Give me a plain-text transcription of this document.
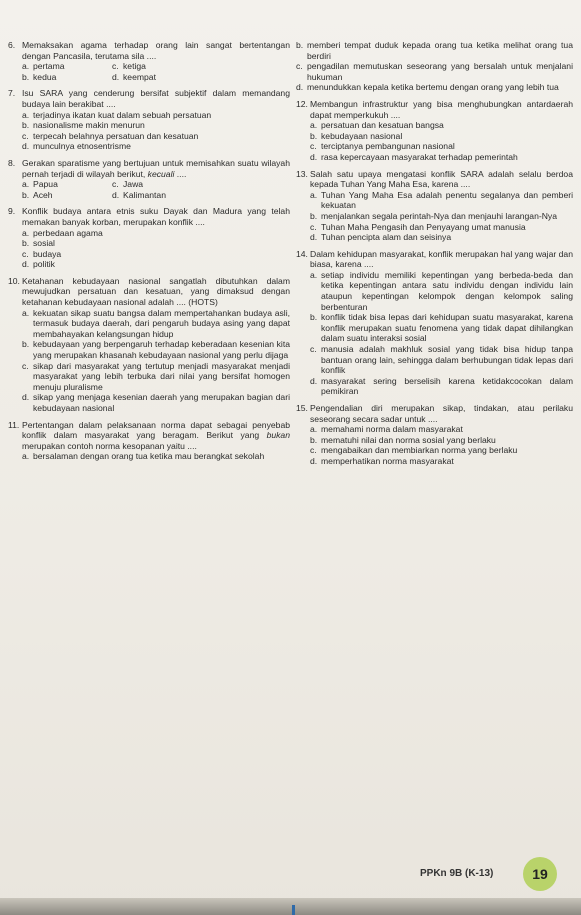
6. Memaksakan agama terhadap orang lain sangat bertentangan dengan Pancasila, terutama sila ....
a. pertama	c. ketiga
b. kedua	d. keempat
7. Isu SARA yang cenderung bersifat subjektif dalam memandang budaya lain berakibat ....
a. terjadinya ikatan kuat dalam sebuah persatuan
b. nasionalisme makin menurun
c. terpecah belahnya persatuan dan kesatuan
d. munculnya etnosentrisme
8. Gerakan sparatisme yang bertujuan untuk memisahkan suatu wilayah pernah terjadi di wilayah berikut, kecuali ....
a. Papua	c. Jawa
b. Aceh	d. Kalimantan
9. Konflik budaya antara etnis suku Dayak dan Madura yang telah memakan banyak korban, merupakan konflik ....
a. perbedaan agama
b. sosial
c. budaya
d. politik
10. Ketahanan kebudayaan nasional sangatlah dibutuhkan dalam mewujudkan persatuan dan kesatuan, yang dimaksud dengan ketahanan kebudayaan nasional adalah .... (HOTS)
a. kekuatan sikap suatu bangsa dalam mempertahankan budaya asli, termasuk budaya daerah, dari pengaruh budaya asing yang dapat membahayakan kelangsungan hidup
b. kebudayaan yang berpengaruh terhadap keberadaan kesenian kita yang merupakan khasanah kebudayaan nasional yang perlu dijaga
c. sikap dari masyarakat yang tertutup menjadi masyarakat menjadi masyarakat yang lebih terbuka dari nilai yang bersifat homogen menuju pluralisme
d. sikap yang menjaga kesenian daerah yang merupakan bagian dari kebudayaan nasional
11. Pertentangan dalam pelaksanaan norma dapat sebagai penyebab konflik dalam masyarakat yang beragam. Berikut yang bukan merupakan contoh norma kesopanan yaitu ....
a. bersalaman dengan orang tua ketika mau berangkat sekolah
b. memberi tempat duduk kepada orang tua ketika melihat orang tua berdiri
c. pengadilan memutuskan seseorang yang bersalah untuk menjalani hukuman
d. menundukkan kepala ketika bertemu dengan orang yang lebih tua
12. Membangun infrastruktur yang bisa menghubungkan antardaerah dapat memperkukuh ....
a. persatuan dan kesatuan bangsa
b. kebudayaan nasional
c. terciptanya pembangunan nasional
d. rasa kepercayaan masyarakat terhadap pemerintah
13. Salah satu upaya mengatasi konflik SARA adalah selalu berdoa kepada Tuhan Yang Maha Esa, karena ....
a. Tuhan Yang Maha Esa adalah penentu segalanya dan pemberi kekuatan
b. menjalankan segala perintah-Nya dan menjauhi larangan-Nya
c. Tuhan Maha Pengasih dan Penyayang umat manusia
d. Tuhan pencipta alam dan seisinya
14. Dalam kehidupan masyarakat, konflik merupakan hal yang wajar dan biasa, karena ....
a. setiap individu memiliki kepentingan yang berbeda-beda dan ketika kepentingan antara satu individu dengan individu lain ataupun kepentingan kelompok dengan kelompok saling berbenturan
b. konflik tidak bisa lepas dari kehidupan suatu masyarakat, karena konflik merupakan suatu fenomena yang tidak dapat dihilangkan dalam suatu interaksi sosial
c. manusia adalah makhluk sosial yang tidak bisa hidup tanpa bantuan orang lain, sehingga dalam berhubungan tidak lepas dari konflik
d. masyarakat sering berselisih karena ketidakcocokan dalam pemikiran
15. Pengendalian diri merupakan sikap, tindakan, atau perilaku seseorang secara sadar untuk ....
a. memahami norma dalam masyarakat
b. mematuhi nilai dan norma sosial yang berlaku
c. mengabaikan dan membiarkan norma yang berlaku
d. memperhatikan norma masyarakat
PPKn 9B (K-13)	19
